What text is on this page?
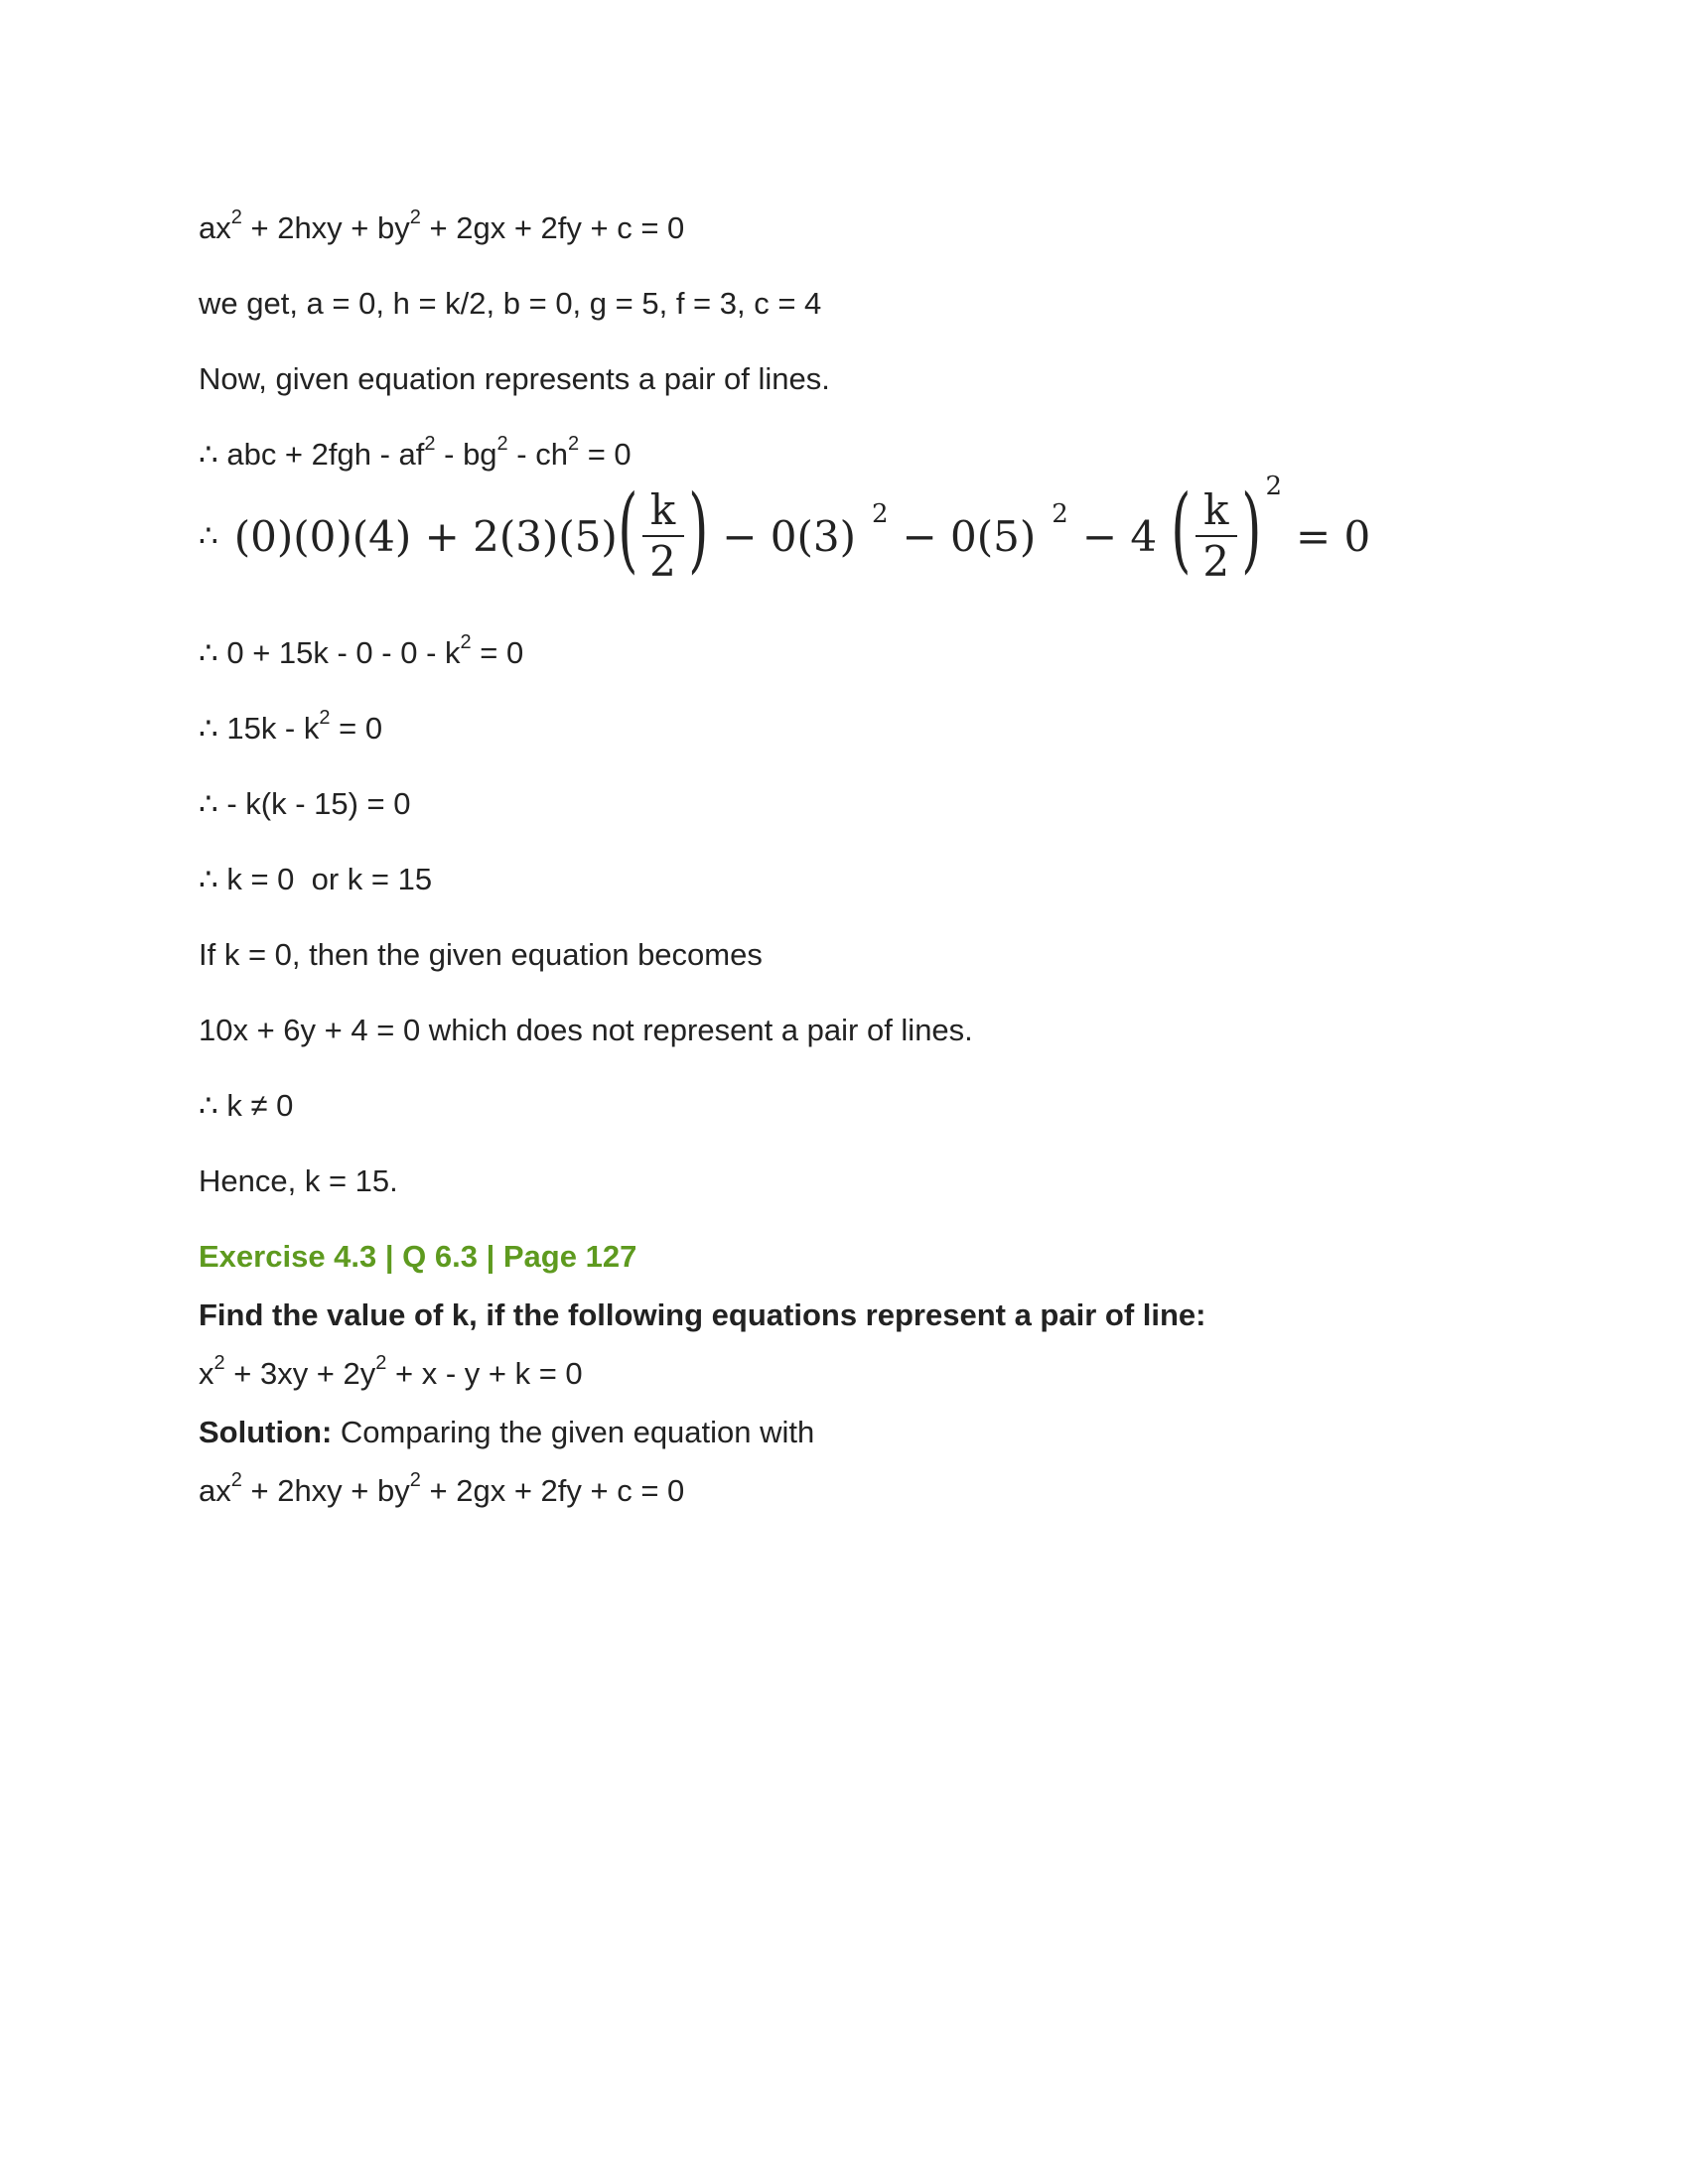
$ax^2 + 2hxy + by^2 + 2gx + 2fy + c = 0$
we get, a = 0, h = k/2, b = 0, g = 5, f = 3, c = 4
Now, given equation represents a pair of lines.
∴ abc + $2fgh - af^2 - bg^2 - ch^2 = 0$
∴ (0)(0)(4) + 2(3)(5) ( $\frac{k}{2}$ ) − 0(3) 2 − 0(5) 2 − 4 ( $\frac{k}{2}$ ) 2
= 0
∴ $0 + 15k - 0 - 0 - k^2 = 0$
∴ $15k - k^2 = 0$
∴ - k(k - 15) = 0
∴ k = 0  or k = 15
If k = 0, then the given equation becomes
10x + 6y + 4 = 0 which does not represent a pair of lines.
∴ k ≠ 0
Hence, k = 15.
Exercise 4.3 | Q 6.3 | Page 127
Find the value of k, if the following equations represent a pair of line:
$x^2 + 3xy + 2y^2 + x - y + k = 0$
Solution: Comparing the given equation with
$ax^2 + 2hxy + by^2 + 2gx + 2fy + c = 0$
